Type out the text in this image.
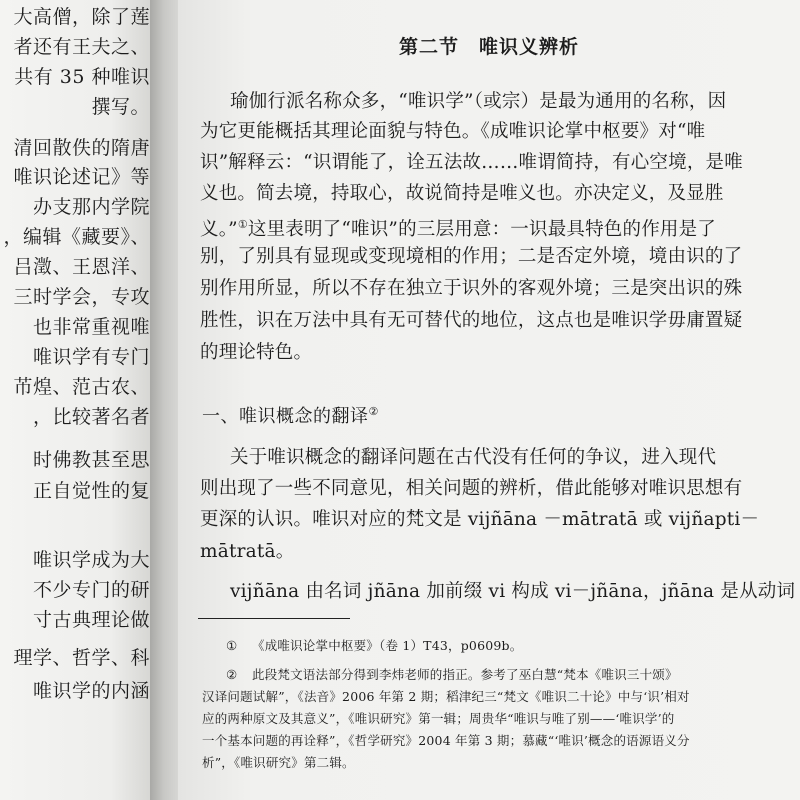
大高僧，除了莲
者还有王夫之、
共有 35 种唯识
撰写。
清回散佚的隋唐
唯识论述记》等
办支那内学院
，编辑《藏要》、
吕澂、王恩洋、
三时学会，专攻
也非常重视唯
唯识学有专门
芇煌、范古农、
，比较著名者
时佛教甚至思
正自觉性的复
唯识学成为大
不少专门的研
寸古典理论做
理学、哲学、科
唯识学的内涵
第二节　唯识义辨析
瑜伽行派名称众多，“唯识学”（或宗）是最为通用的名称，因
为它更能概括其理论面貌与特色。《成唯识论掌中枢要》对“唯
识”解释云：“识谓能了，诠五法故……唯谓简持，有心空境，是唯
义也。简去境，持取心，故说简持是唯义也。亦决定义，及显胜
义。”①这里表明了“唯识”的三层用意：一识最具特色的作用是了
别，了别具有显现或变现境相的作用；二是否定外境，境由识的了
别作用所显，所以不存在独立于识外的客观外境；三是突出识的殊
胜性，识在万法中具有无可替代的地位，这点也是唯识学毋庸置疑
的理论特色。
一、唯识概念的翻译②
关于唯识概念的翻译问题在古代没有任何的争议，进入现代
则出现了一些不同意见，相关问题的辨析，借此能够对唯识思想有
更深的认识。唯识对应的梵文是 vijñāna －mātratā 或 vijñapti－
mātratā。
vijñāna 由名词 jñāna 加前缀 vi 构成 vi－jñāna，jñāna 是从动词
① 《成唯识论掌中枢要》（卷 1）T43，p0609b。
② 此段梵文语法部分得到李炜老师的指正。参考了巫白慧“梵本《唯识三十颂》
汉译问题试解”，《法音》2006 年第 2 期；稻津纪三“梵文《唯识二十论》中与‘识’相对
应的两种原文及其意义”，《唯识研究》第一辑；周贵华“唯识与唯了别——‘唯识学’的
一个基本问题的再诠释”，《哲学研究》2004 年第 3 期；慕藏“‘唯识’概念的语源语义分
析”，《唯识研究》第二辑。
